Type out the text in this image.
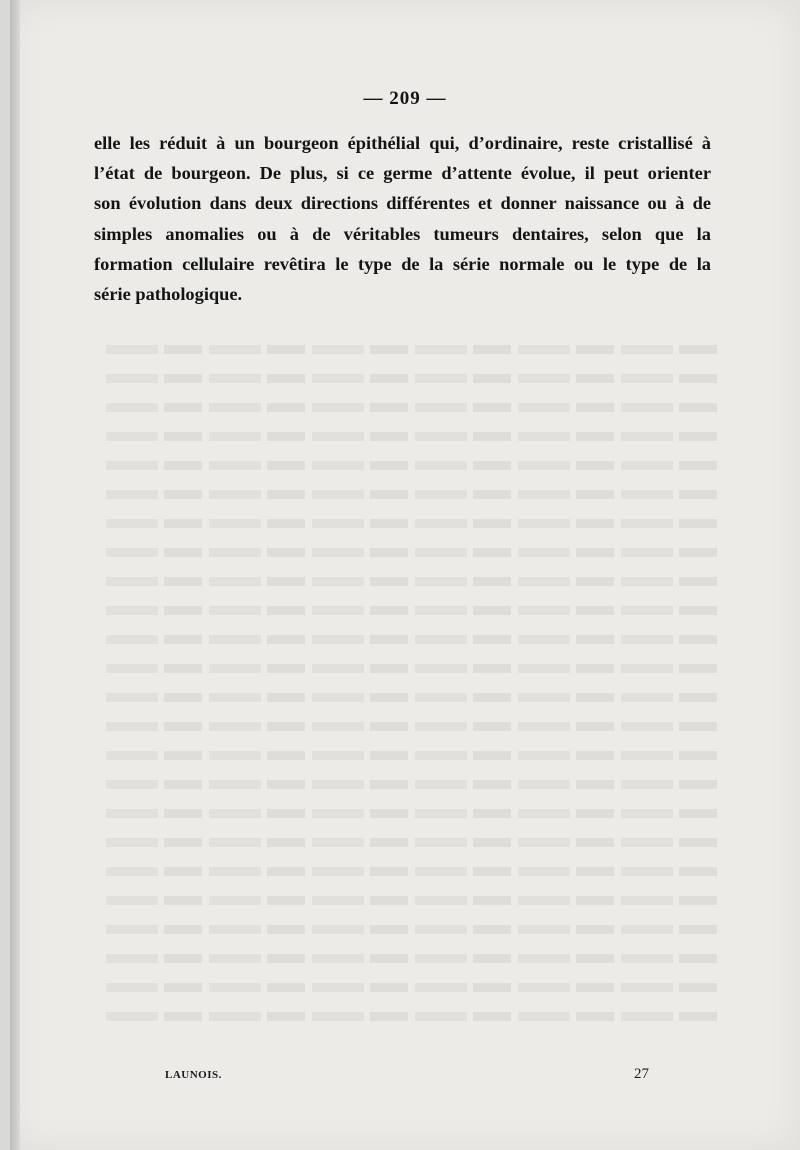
— 209 —
elle les réduit à un bourgeon épithélial qui, d’ordinaire, reste cristallisé à
l’état de bourgeon. De plus, si ce germe d’attente évolue, il peut orienter
son évolution dans deux directions différentes et donner naissance ou à de
simples anomalies ou à de véritables tumeurs dentaires, selon que la
formation cellulaire revêtira le type de la série normale ou le type de la
série pathologique.
LAUNOIS.	27
